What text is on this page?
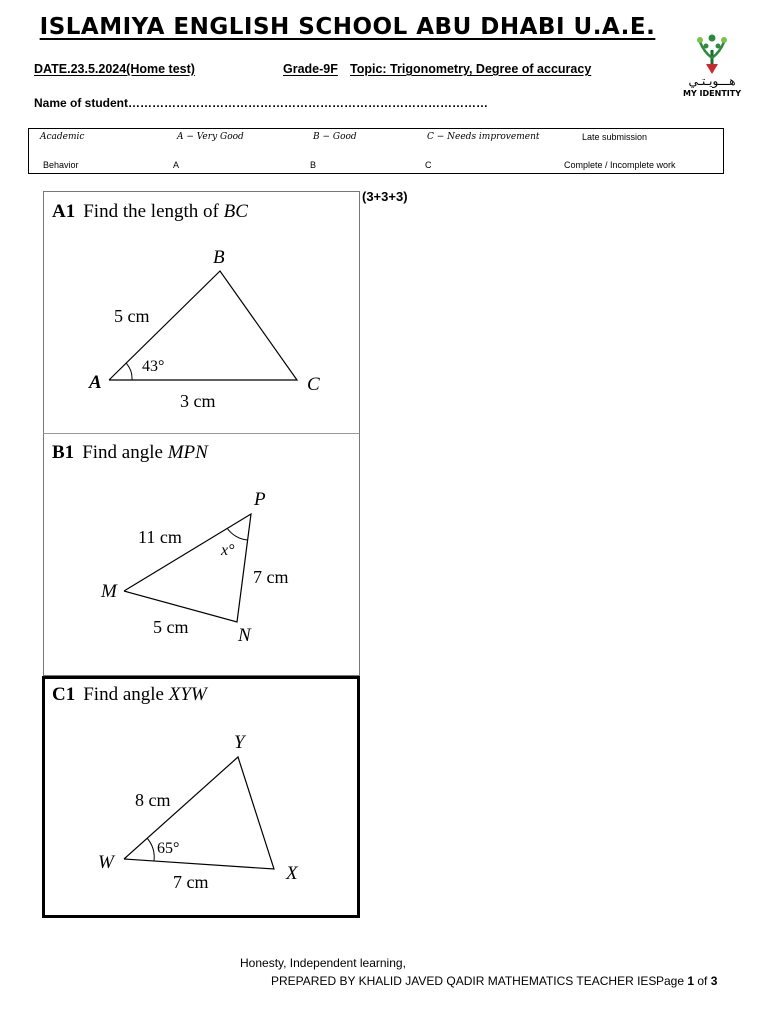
ISLAMIYA ENGLISH SCHOOL ABU DHABI U.A.E.
DATE.23.5.2024(Home test)	Grade-9F Topic: Trigonometry, Degree of accuracy
Name of student………………………………………………………………………………
هـــويـتـي
MY IDENTITY
Academic	A − Very Good	B − Good	C − Needs improvement	Late submission
Behavior	A	B	C	Complete / Incomplete work
(3+3+3)
A1 Find the length of BC
B
A	C
5 cm
3 cm
43°
B1 Find angle MPN
P
M
N
11 cm
7 cm
5 cm
x°
C1 Find angle XYW
Y
W
X
8 cm
7 cm
65°
Honesty, Independent learning,
PREPARED BY KHALID JAVED QADIR MATHEMATICS TEACHER IES Page 1 of 3
